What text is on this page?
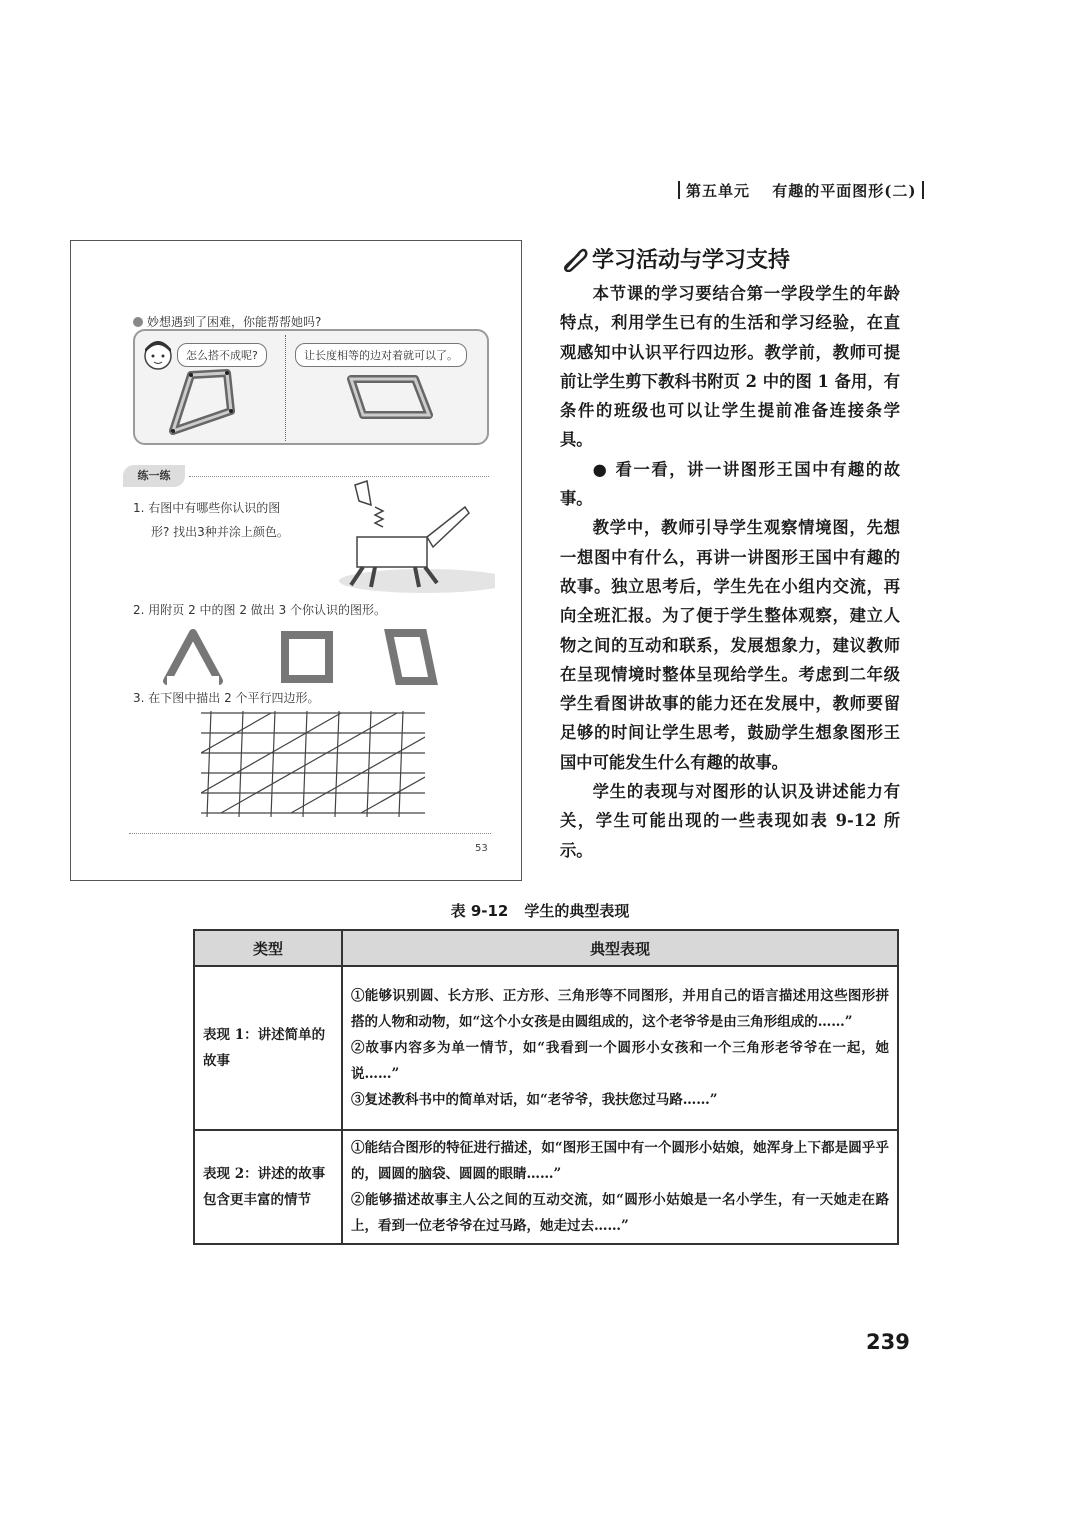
第五单元 有趣的平面图形(二)
妙想遇到了困难，你能帮帮她吗?
怎么搭不成呢?	让长度相等的边对着就可以了。
练一练
1. 右图中有哪些你认识的图
形? 找出3种并涂上颜色。
2. 用附页 2 中的图 2 做出 3 个你认识的图形。
3. 在下图中描出 2 个平行四边形。
53
学习活动与学习支持

本节课的学习要结合第一学段学生的年龄特点，利用学生已有的生活和学习经验，在直观感知中认识平行四边形。教学前，教师可提前让学生剪下教科书附页 2 中的图 1 备用，有条件的班级也可以让学生提前准备连接条学具。

● 看一看，讲一讲图形王国中有趣的故事。

教学中，教师引导学生观察情境图，先想一想图中有什么，再讲一讲图形王国中有趣的故事。独立思考后，学生先在小组内交流，再向全班汇报。为了便于学生整体观察，建立人物之间的互动和联系，发展想象力，建议教师在呈现情境时整体呈现给学生。考虑到二年级学生看图讲故事的能力还在发展中，教师要留足够的时间让学生思考，鼓励学生想象图形王国中可能发生什么有趣的故事。

学生的表现与对图形的认识及讲述能力有关，学生可能出现的一些表现如表 9-12 所示。

表 9-12 学生的典型表现
类型	典型表现
表现 1：讲述简单的故事	①能够识别圆、长方形、正方形、三角形等不同图形，并用自己的语言描述用这些图形拼搭的人物和动物，如“这个小女孩是由圆组成的，这个老爷爷是由三角形组成的……”
②故事内容多为单一情节，如“我看到一个圆形小女孩和一个三角形老爷爷在一起，她说……”
③复述教科书中的简单对话，如“老爷爷，我扶您过马路……”

表现 2：讲述的故事包含更丰富的情节	①能结合图形的特征进行描述，如“图形王国中有一个圆形小姑娘，她浑身上下都是圆乎乎的，圆圆的脑袋、圆圆的眼睛……”
②能够描述故事主人公之间的互动交流，如“圆形小姑娘是一名小学生，有一天她走在路上，看到一位老爷爷在过马路，她走过去……”
239
